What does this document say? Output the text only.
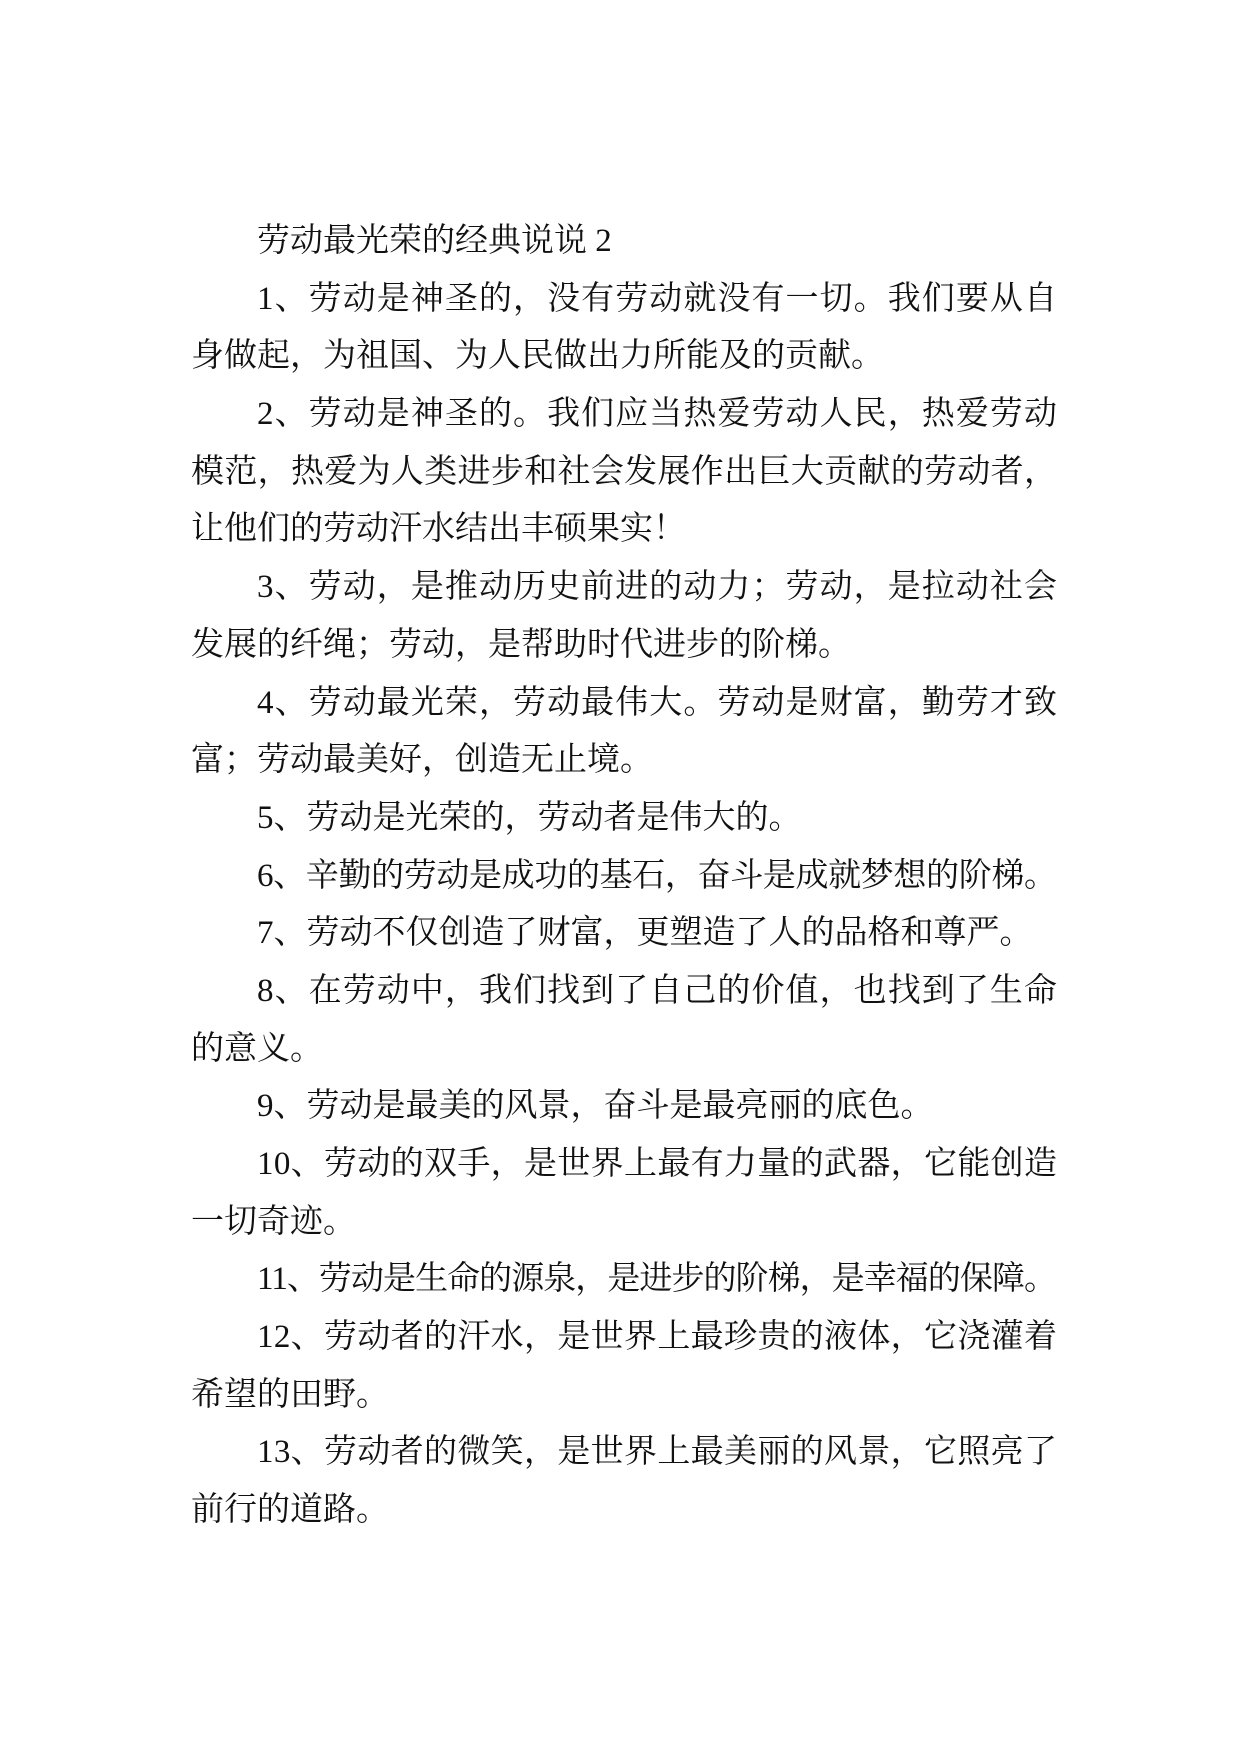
劳动最光荣的经典说说 2
1、劳动是神圣的，没有劳动就没有一切。我们要从自
身做起，为祖国、为人民做出力所能及的贡献。
2、劳动是神圣的。我们应当热爱劳动人民，热爱劳动
模范，热爱为人类进步和社会发展作出巨大贡献的劳动者，
让他们的劳动汗水结出丰硕果实！
3、劳动，是推动历史前进的动力；劳动，是拉动社会
发展的纤绳；劳动，是帮助时代进步的阶梯。
4、劳动最光荣，劳动最伟大。劳动是财富，勤劳才致
富；劳动最美好，创造无止境。
5、劳动是光荣的，劳动者是伟大的。
6、辛勤的劳动是成功的基石，奋斗是成就梦想的阶梯。
7、劳动不仅创造了财富，更塑造了人的品格和尊严。
8、在劳动中，我们找到了自己的价值，也找到了生命
的意义。
9、劳动是最美的风景，奋斗是最亮丽的底色。
10、劳动的双手，是世界上最有力量的武器，它能创造
一切奇迹。
11、劳动是生命的源泉，是进步的阶梯，是幸福的保障。
12、劳动者的汗水，是世界上最珍贵的液体，它浇灌着
希望的田野。
13、劳动者的微笑，是世界上最美丽的风景，它照亮了
前行的道路。
